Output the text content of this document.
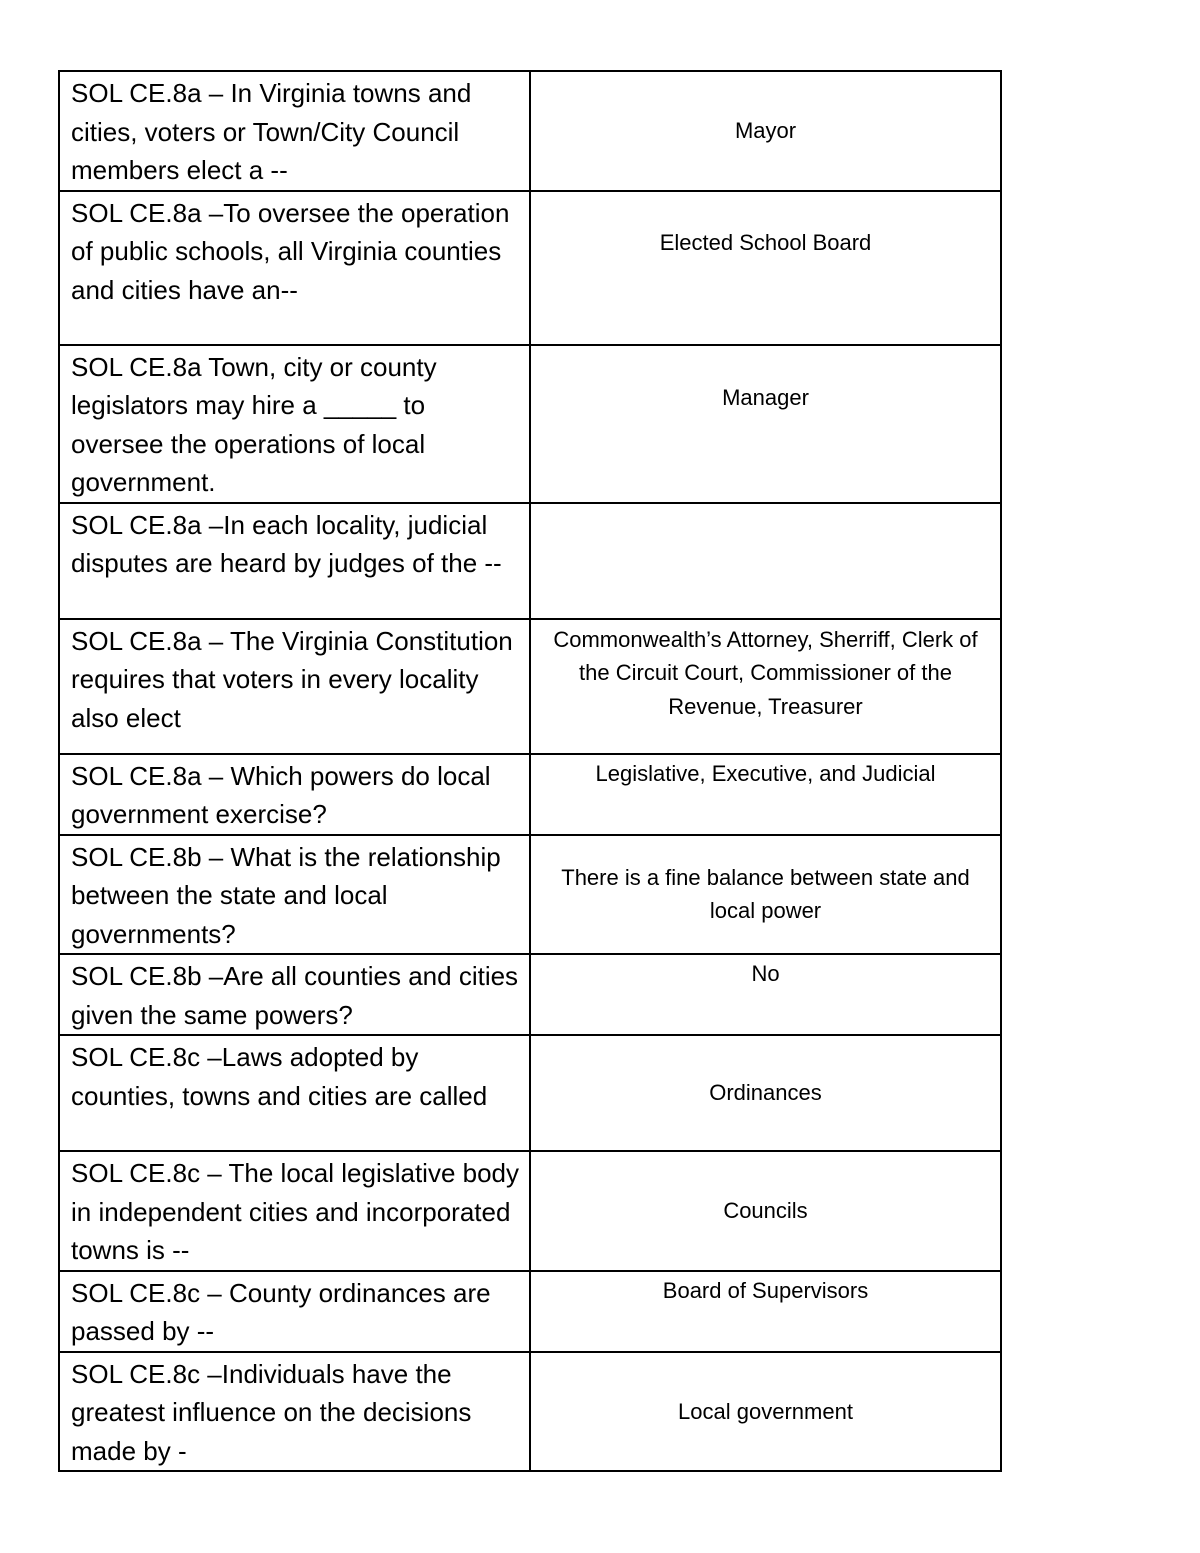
SOL CE.8a – In Virginia towns and cities, voters or Town/City Council members elect a --	Mayor
SOL CE.8a –To oversee the operation of public schools, all Virginia counties and cities have an--	Elected School Board
SOL CE.8a Town, city or county legislators may hire a _____ to oversee the operations of local government.	Manager
SOL CE.8a –In each locality, judicial disputes are heard by judges of the --	
SOL CE.8a – The Virginia Constitution requires that voters in every locality also elect	Commonwealth’s Attorney, Sherriff, Clerk of the Circuit Court, Commissioner of the Revenue, Treasurer
SOL CE.8a – Which powers do local government exercise?	Legislative, Executive, and Judicial
SOL CE.8b – What is the relationship between the state and local governments?	There is a fine balance between state and local power
SOL CE.8b –Are all counties and cities given the same powers?	No
SOL CE.8c –Laws adopted by counties, towns and cities are called	Ordinances
SOL CE.8c – The local legislative body in independent cities and incorporated towns is --	Councils
SOL CE.8c – County ordinances are passed by --	Board of Supervisors
SOL CE.8c –Individuals have the greatest influence on the decisions made by -	Local government
